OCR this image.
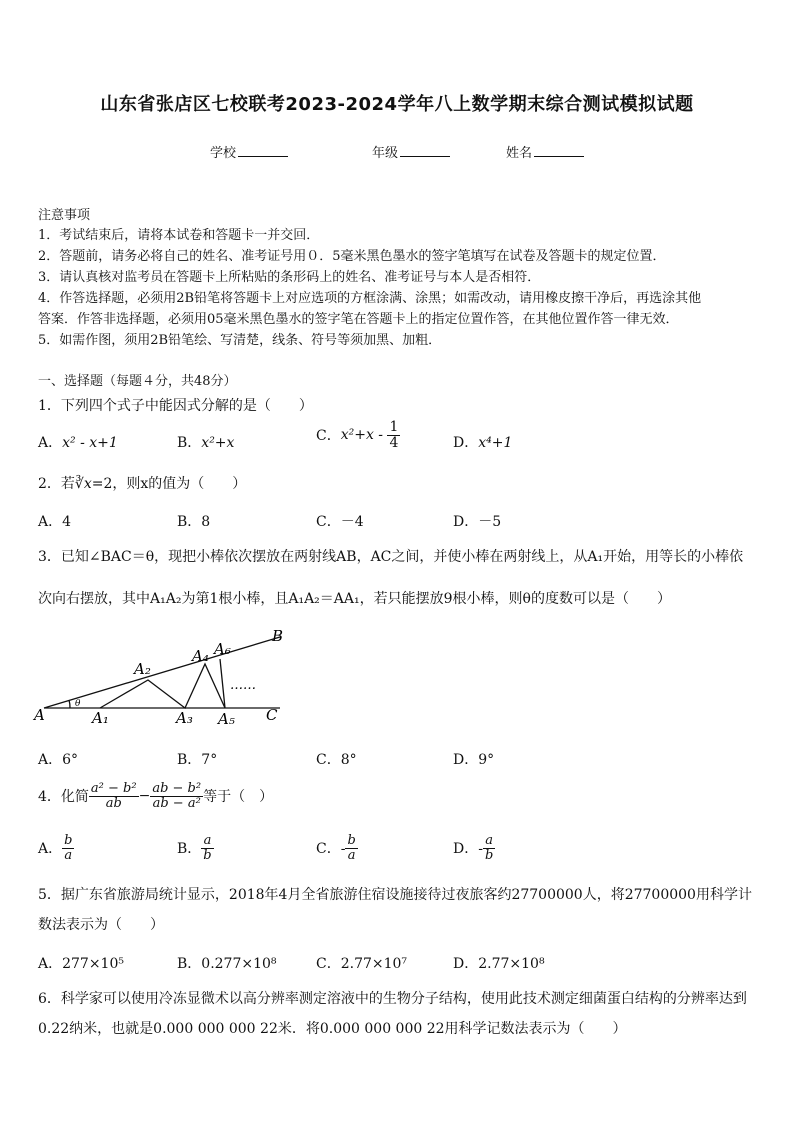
山东省张店区七校联考2023-2024学年八上数学期末综合测试模拟试题
学校	年级	姓名
注意事项
1．考试结束后，请将本试卷和答题卡一并交回．
2．答题前，请务必将自己的姓名、准考证号用０．5毫米黑色墨水的签字笔填写在试卷及答题卡的规定位置．
3．请认真核对监考员在答题卡上所粘贴的条形码上的姓名、准考证号与本人是否相符．
4．作答选择题，必须用2B铅笔将答题卡上对应选项的方框涂满、涂黑；如需改动，请用橡皮擦干净后，再选涂其他
答案．作答非选择题，必须用05毫米黑色墨水的签字笔在答题卡上的指定位置作答，在其他位置作答一律无效．
5．如需作图，须用2B铅笔绘、写清楚，线条、符号等须加黑、加粗．
一、选择题（每题４分，共48分）
1．下列四个式子中能因式分解的是（　　）
A．x² - x+1	B．x²+x	C．$x^2+x - \frac{1}{4}$	D．x⁴+1
2．若∛x=2，则x的值为（　　）
A．4	B．8	C．－4	D．－5
3．已知∠BAC＝θ，现把小棒依次摆放在两射线AB，AC之间，并使小棒在两射线上，从A₁开始，用等长的小棒依
次向右摆放，其中A₁A₂为第1根小棒，且A₁A₂＝AA₁，若只能摆放9根小棒，则θ的度数可以是（　　）
A	A₁
A₂
A₃
A₄
A₅
A₆
B
C
θ
……
A．6°	B．7°	C．8°	D．9°
4．化简 $\frac{\text{a² − b²}}{ab} - \frac{\text{ab − b²}}{\text{ab − a²}}$ 等于（　）
A． $\frac{b}{a}$	B． $\frac{a}{b}$	C．- $\frac{b}{a}$	D．- $\frac{a}{b}$
5．据广东省旅游局统计显示，2018年4月全省旅游住宿设施接待过夜旅客约27700000人，将27700000用科学计
数法表示为（　　）
A．277×10⁵	B．0.277×10⁸	C．2.77×10⁷	D．2.77×10⁸
6．科学家可以使用冷冻显微术以高分辨率测定溶液中的生物分子结构，使用此技术测定细菌蛋白结构的分辨率达到
0.22纳米，也就是0.000 000 000 22米．将0.000 000 000 22用科学记数法表示为（　　）
